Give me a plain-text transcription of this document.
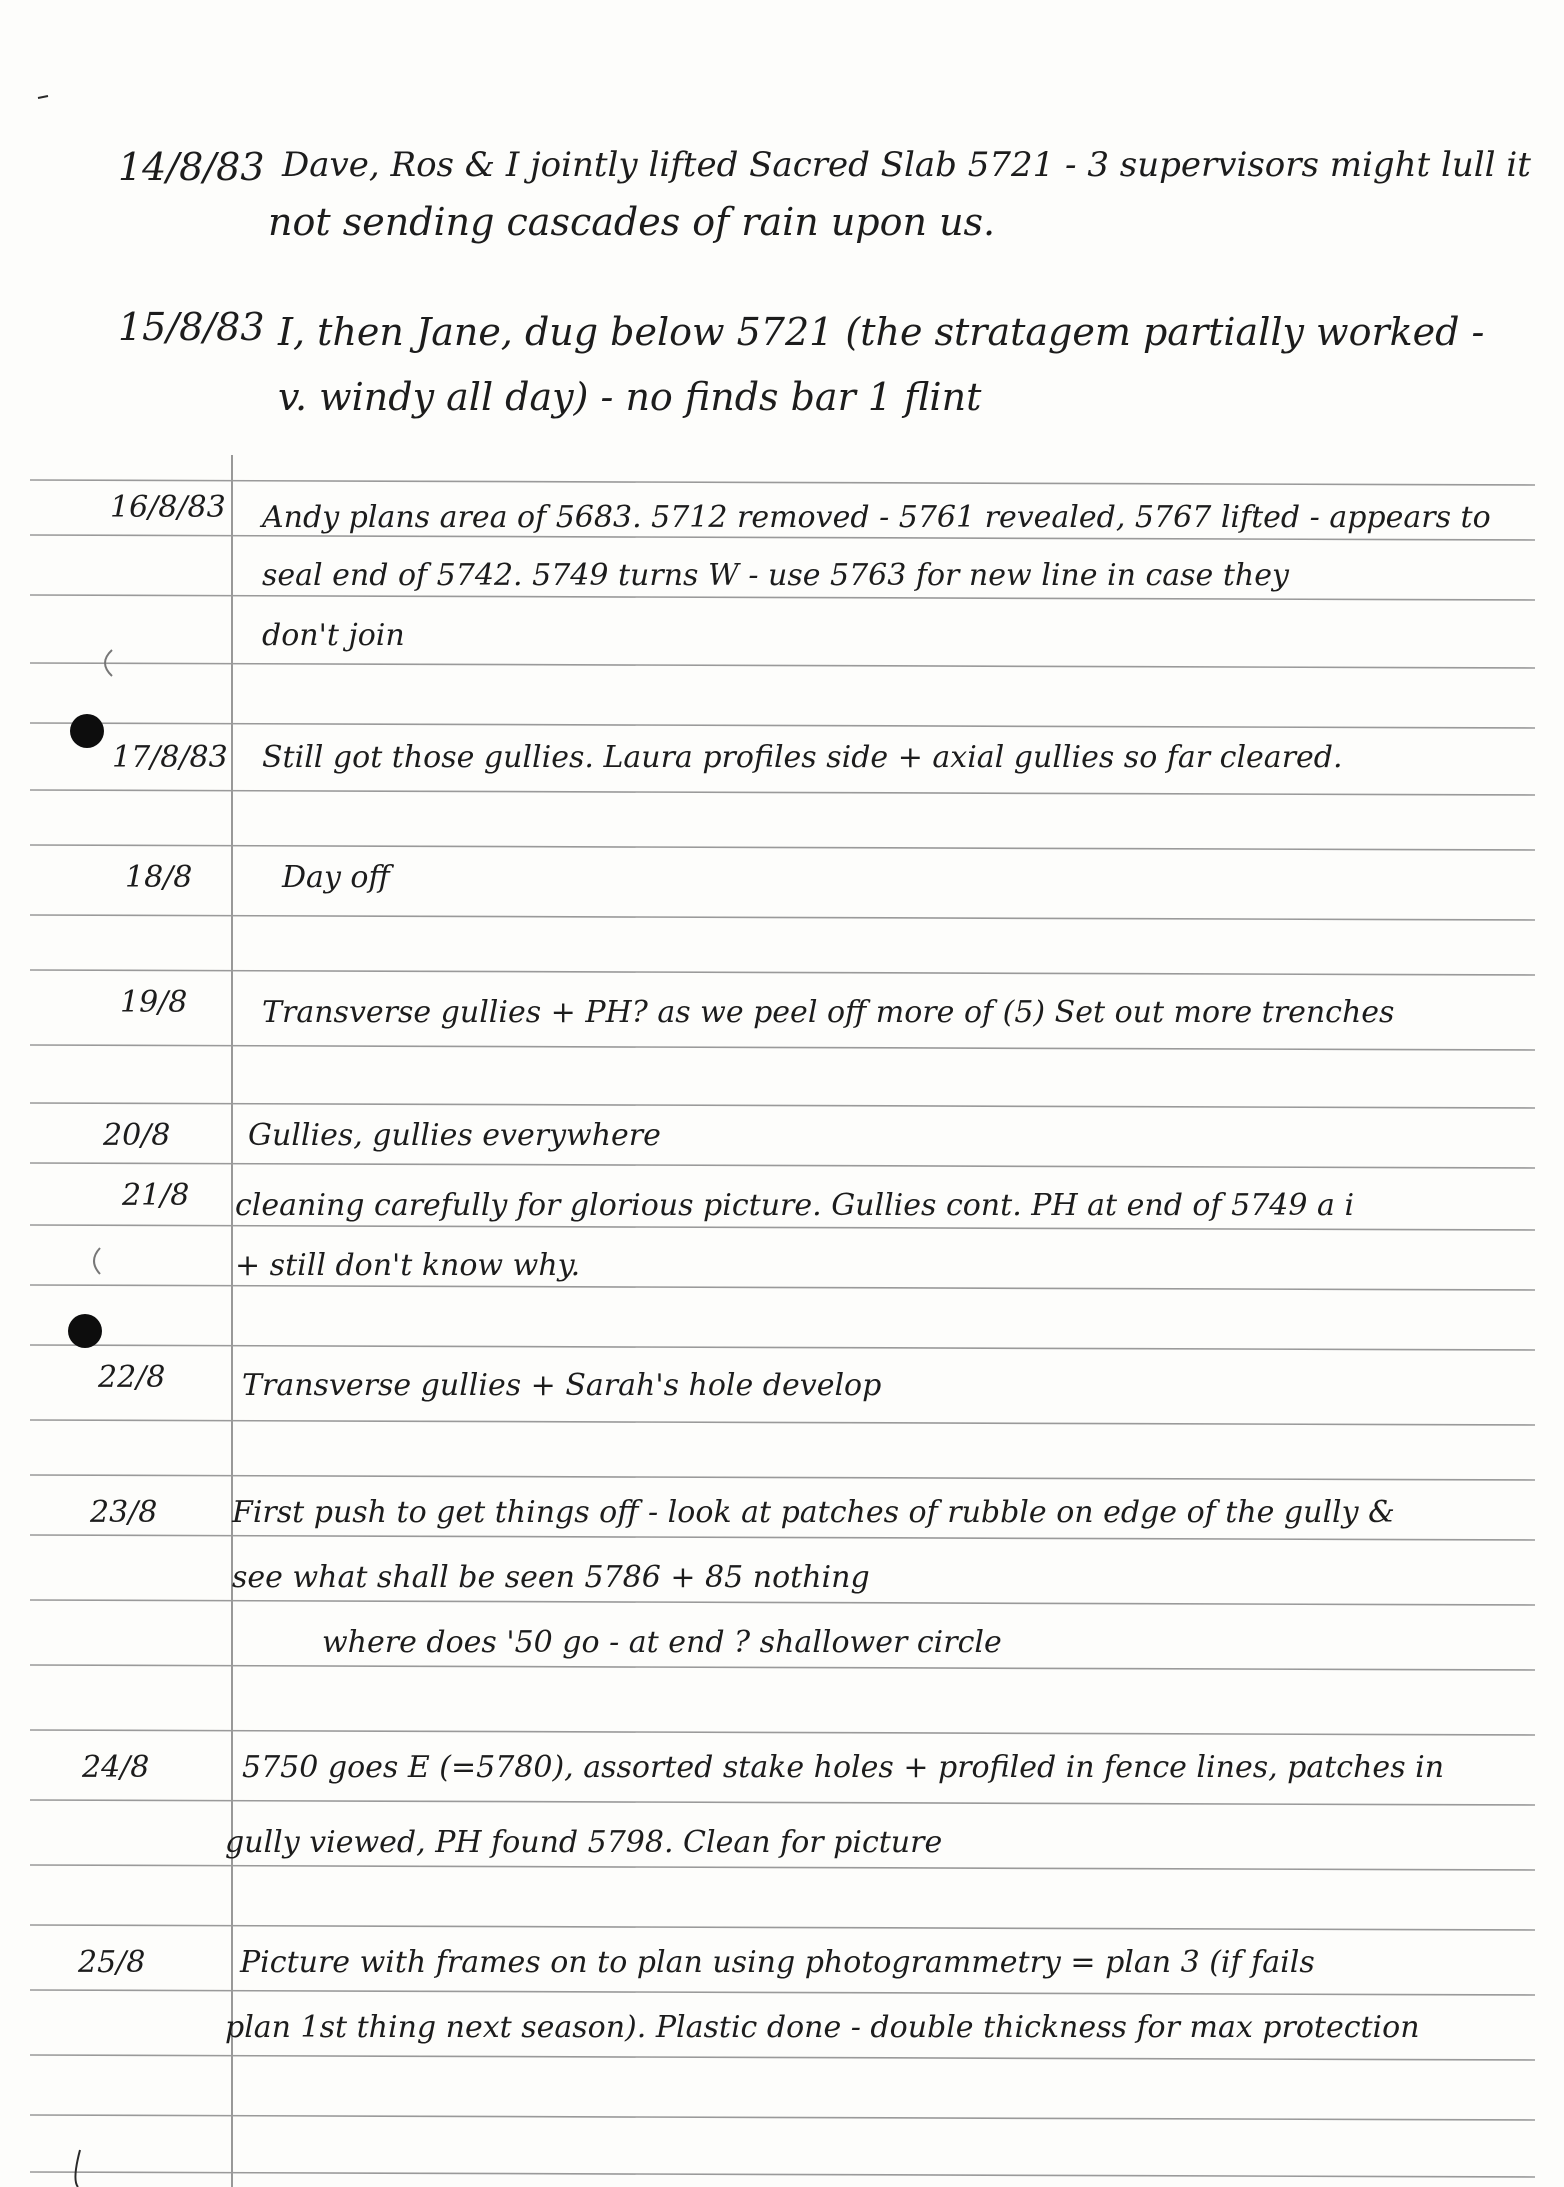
14/8/83 Dave, Ros & I jointly lifted Sacred Slab 5721 - 3 supervisors might lull it
not sending cascades of rain upon us.
15/8/83 I, then Jane, dug below 5721 (the stratagem partially worked -
v. windy all day) - no finds bar 1 flint
16/8/83 Andy plans area of 5683. 5712 removed - 5761 revealed, 5767 lifted - appears to
seal end of 5742. 5749 turns W - use 5763 for new line in case they
don't join
17/8/83 Still got those gullies. Laura profiles side + axial gullies so far cleared.
18/8	Day off
19/8 Transverse gullies + PH? as we peel off more of (5) Set out more trenches
20/8	Gullies, gullies everywhere
21/8 cleaning carefully for glorious picture. Gullies cont. PH at end of 5749 a i
+ still don't know why.
22/8	Transverse gullies + Sarah's hole develop
23/8 First push to get things off - look at patches of rubble on edge of the gully &
see what shall be seen 5786 + 85 nothing
where does '50 go - at end ? shallower circle
24/8	5750 goes E (=5780), assorted stake holes + profiled in fence lines, patches in
gully viewed, PH found 5798. Clean for picture
25/8	Picture with frames on to plan using photogrammetry = plan 3 (if fails
plan 1st thing next season). Plastic done - double thickness for max protection
